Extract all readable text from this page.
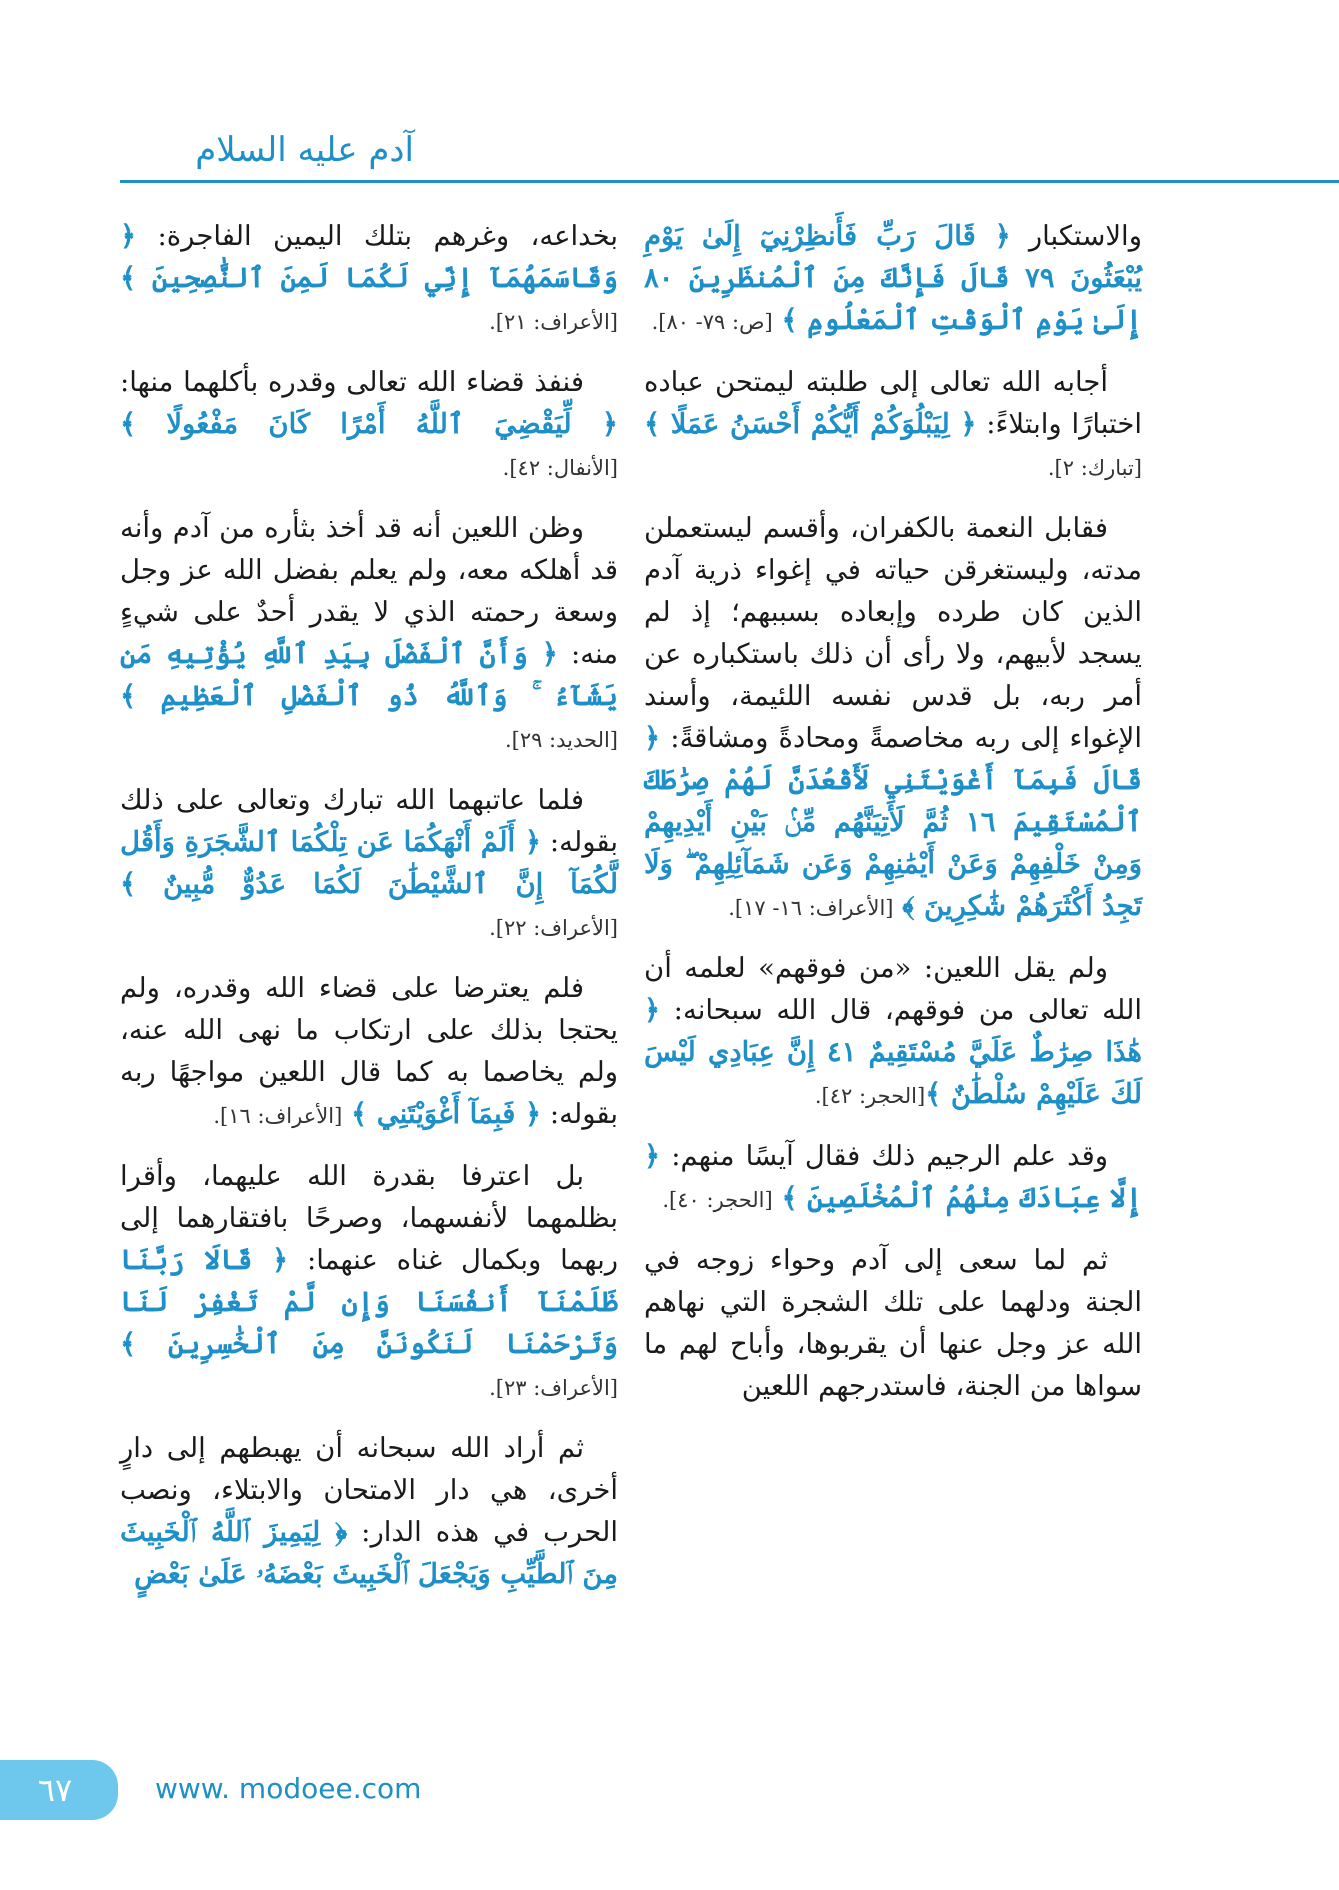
آدم عليه السلام

والاستكبار ﴿ قَالَ رَبِّ فَأَنظِرْنِيٓ إِلَىٰ يَوْمِ يُبْعَثُونَ ٧٩ قَالَ فَإِنَّكَ مِنَ ٱلْمُنظَرِينَ ٨٠ إِلَىٰ يَوْمِ ٱلْوَقْتِ ٱلْمَعْلُومِ ﴾ [ص: ٧٩- ٨٠].

أجابه الله تعالى إلى طلبته ليمتحن عباده اختبارًا وابتلاءً: ﴿ لِيَبْلُوَكُمْ أَيُّكُمْ أَحْسَنُ عَمَلًا ﴾ [تبارك: ٢].

فقابل النعمة بالكفران، وأقسم ليستعملن مدته، وليستغرقن حياته في إغواء ذرية آدم الذين كان طرده وإبعاده بسببهم؛ إذ لم يسجد لأبيهم، ولا رأى أن ذلك باستكباره عن أمر ربه، بل قدس نفسه اللئيمة، وأسند الإغواء إلى ربه مخاصمةً ومحادةً ومشاقةً: ﴿ قَالَ فَبِمَآ أَغْوَيْتَنِي لَأَقْعُدَنَّ لَهُمْ صِرَٰطَكَ ٱلْمُسْتَقِيمَ ١٦ ثُمَّ لَأَتِيَنَّهُم مِّنۢ بَيْنِ أَيْدِيهِمْ وَمِنْ خَلْفِهِمْ وَعَنْ أَيْمَٰنِهِمْ وَعَن شَمَآئِلِهِمْ ۖ وَلَا تَجِدُ أَكْثَرَهُمْ شَٰكِرِينَ ﴾ [الأعراف: ١٦- ١٧].

ولم يقل اللعين: «من فوقهم» لعلمه أن الله تعالى من فوقهم، قال الله سبحانه: ﴿ هَٰذَا صِرَٰطٌ عَلَيَّ مُسْتَقِيمٌ ٤١ إِنَّ عِبَادِي لَيْسَ لَكَ عَلَيْهِمْ سُلْطَٰنٌ ﴾[الحجر: ٤٢].

وقد علم الرجيم ذلك فقال آيسًا منهم: ﴿ إِلَّا عِبَادَكَ مِنْهُمُ ٱلْمُخْلَصِينَ ﴾ [الحجر: ٤٠].

ثم لما سعى إلى آدم وحواء زوجه في الجنة ودلهما على تلك الشجرة التي نهاهم الله عز وجل عنها أن يقربوها، وأباح لهم ما سواها من الجنة، فاستدرجهم اللعين

بخداعه، وغرهم بتلك اليمين الفاجرة: ﴿ وَقَاسَمَهُمَآ إِنِّي لَكُمَا لَمِنَ ٱلنَّٰصِحِينَ ﴾ [الأعراف: ٢١].

فنفذ قضاء الله تعالى وقدره بأكلهما منها: ﴿ لِّيَقْضِيَ ٱللَّهُ أَمْرًا كَانَ مَفْعُولًا ﴾ [الأنفال: ٤٢].

وظن اللعين أنه قد أخذ بثأره من آدم وأنه قد أهلكه معه، ولم يعلم بفضل الله عز وجل وسعة رحمته الذي لا يقدر أحدٌ على شيءٍ منه: ﴿ وَأَنَّ ٱلْفَضْلَ بِيَدِ ٱللَّهِ يُؤْتِيهِ مَن يَشَآءُ ۚ وَٱللَّهُ ذُو ٱلْفَضْلِ ٱلْعَظِيمِ ﴾ [الحديد: ٢٩].

فلما عاتبهما الله تبارك وتعالى على ذلك بقوله: ﴿ أَلَمْ أَنْهَكُمَا عَن تِلْكُمَا ٱلشَّجَرَةِ وَأَقُل لَّكُمَآ إِنَّ ٱلشَّيْطَٰنَ لَكُمَا عَدُوٌّ مُّبِينٌ ﴾ [الأعراف: ٢٢].

فلم يعترضا على قضاء الله وقدره، ولم يحتجا بذلك على ارتكاب ما نهى الله عنه، ولم يخاصما به كما قال اللعين مواجهًا ربه بقوله: ﴿ فَبِمَآ أَغْوَيْتَنِي ﴾ [الأعراف: ١٦].

بل اعترفا بقدرة الله عليهما، وأقرا بظلمهما لأنفسهما، وصرحًا بافتقارهما إلى ربهما وبكمال غناه عنهما: ﴿ قَالَا رَبَّنَا ظَلَمْنَآ أَنفُسَنَا وَإِن لَّمْ تَغْفِرْ لَنَا وَتَرْحَمْنَا لَنَكُونَنَّ مِنَ ٱلْخَٰسِرِينَ ﴾ [الأعراف: ٢٣].

ثم أراد الله سبحانه أن يهبطهم إلى دارٍ أخرى، هي دار الامتحان والابتلاء، ونصب الحرب في هذه الدار: ﴿ لِيَمِيزَ ٱللَّهُ ٱلْخَبِيثَ مِنَ ٱلطَّيِّبِ وَيَجْعَلَ ٱلْخَبِيثَ بَعْضَهُۥ عَلَىٰ بَعْضٍ

٦٧	www. modoee.com
